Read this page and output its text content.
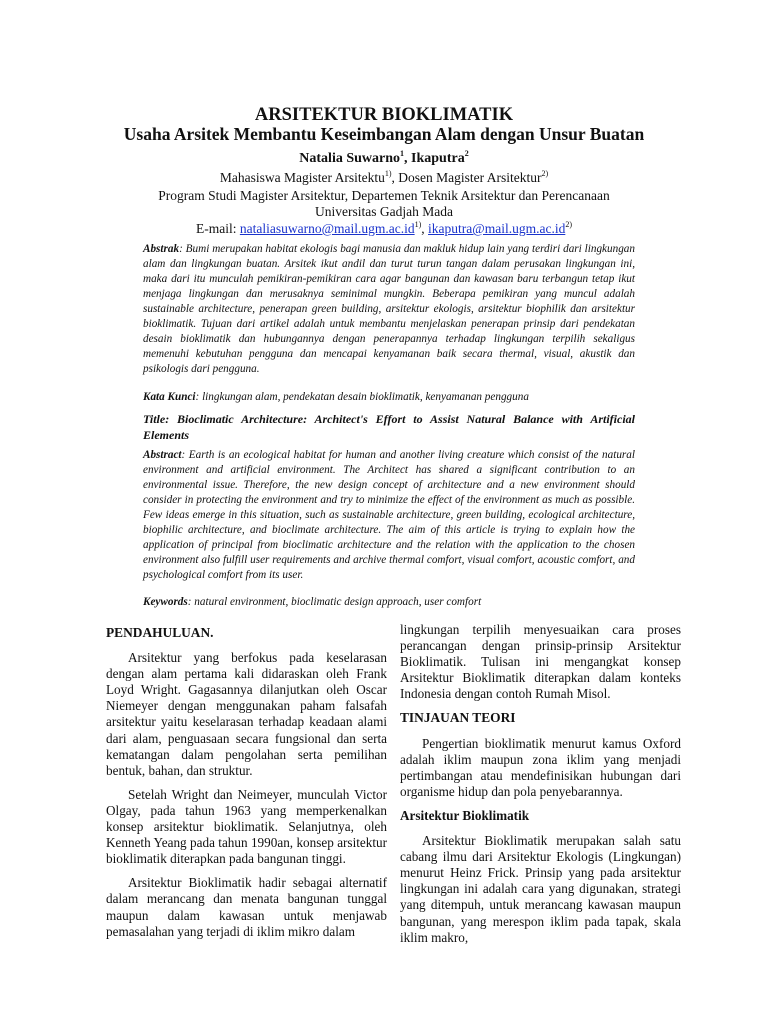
ARSITEKTUR BIOKLIMATIK
Usaha Arsitek Membantu Keseimbangan Alam dengan Unsur Buatan
Natalia Suwarno$^1$, Ikaputra$^2$
Mahasiswa Magister Arsitektu$^{1)}$, Dosen Magister Arsitektur$^{2)}$
Program Studi Magister Arsitektur, Departemen Teknik Arsitektur dan Perencanaan
Universitas Gadjah Mada
E-mail: $nataliasuwarno@mail.ugm.ac.id^{1)}$, $ikaputra@mail.ugm.ac.id^{2)}$
Abstrak: Bumi merupakan habitat ekologis bagi manusia dan makluk hidup lain yang terdiri dari lingkungan alam dan lingkungan buatan. Arsitek ikut andil dan turut turun tangan dalam perusakan lingkungan ini, maka dari itu munculah pemikiran-pemikiran cara agar bangunan dan kawasan baru terbangun tetap ikut menjaga lingkungan dan merusaknya seminimal mungkin. Beberapa pemikiran yang muncul adalah sustainable architecture, penerapan green building, arsitektur ekologis, arsitektur biophilik dan arsitektur bioklimatik. Tujuan dari artikel adalah untuk membantu menjelaskan penerapan prinsip dari pendekatan desain bioklimatik dan hubungannya dengan penerapannya terhadap lingkungan terpilih sekaligus memenuhi kebutuhan pengguna dan mencapai kenyamanan baik secara thermal, visual, akustik dan psikologis dari pengguna.
Kata Kunci: lingkungan alam, pendekatan desain bioklimatik, kenyamanan pengguna
Title: Bioclimatic Architecture: Architect's Effort to Assist Natural Balance with Artificial Elements
Abstract: Earth is an ecological habitat for human and another living creature which consist of the natural environment and artificial environment. The Architect has shared a significant contribution to an environmental issue. Therefore, the new design concept of architecture and a new environment should consider in protecting the environment and try to minimize the effect of the environment as much as possible. Few ideas emerge in this situation, such as sustainable architecture, green building, ecological architecture, biophilic architecture, and bioclimate architecture. The aim of this article is trying to explain how the application of principal from bioclimatic architecture and the relation with the application to the chosen environment also fulfill user requirements and archive thermal comfort, visual comfort, acoustic comfort, and psychological comfort from its user.
Keywords: natural environment, bioclimatic design approach, user comfort
PENDAHULUAN.

Arsitektur yang berfokus pada keselarasan dengan alam pertama kali didaraskan oleh Frank Loyd Wright. Gagasannya dilanjutkan oleh Oscar Niemeyer dengan menggunakan paham falsafah arsitektur yaitu keselarasan terhadap keadaan alami dari alam, penguasaan secara fungsional dan serta kematangan dalam pengolahan serta pemilihan bentuk, bahan, dan struktur.

Setelah Wright dan Neimeyer, munculah Victor Olgay, pada tahun 1963 yang memperkenalkan konsep arsitektur bioklimatik. Selanjutnya, oleh Kenneth Yeang pada tahun 1990an, konsep arsitektur bioklimatik diterapkan pada bangunan tinggi.

Arsitektur Bioklimatik hadir sebagai alternatif dalam merancang dan menata bangunan tunggal maupun dalam kawasan untuk menjawab pemasalahan yang terjadi di iklim mikro dalam

lingkungan terpilih menyesuaikan cara proses perancangan dengan prinsip-prinsip Arsitektur Bioklimatik. Tulisan ini mengangkat konsep Arsitektur Bioklimatik diterapkan dalam konteks Indonesia dengan contoh Rumah Misol.

TINJAUAN TEORI

Pengertian bioklimatik menurut kamus Oxford adalah iklim maupun zona iklim yang menjadi pertimbangan atau mendefinisikan hubungan dari organisme hidup dan pola penyebarannya.

Arsitektur Bioklimatik

Arsitektur Bioklimatik merupakan salah satu cabang ilmu dari Arsitektur Ekologis (Lingkungan) menurut Heinz Frick. Prinsip yang pada arsitektur lingkungan ini adalah cara yang digunakan, strategi yang ditempuh, untuk merancang kawasan maupun bangunan, yang merespon iklim pada tapak, skala iklim makro,
